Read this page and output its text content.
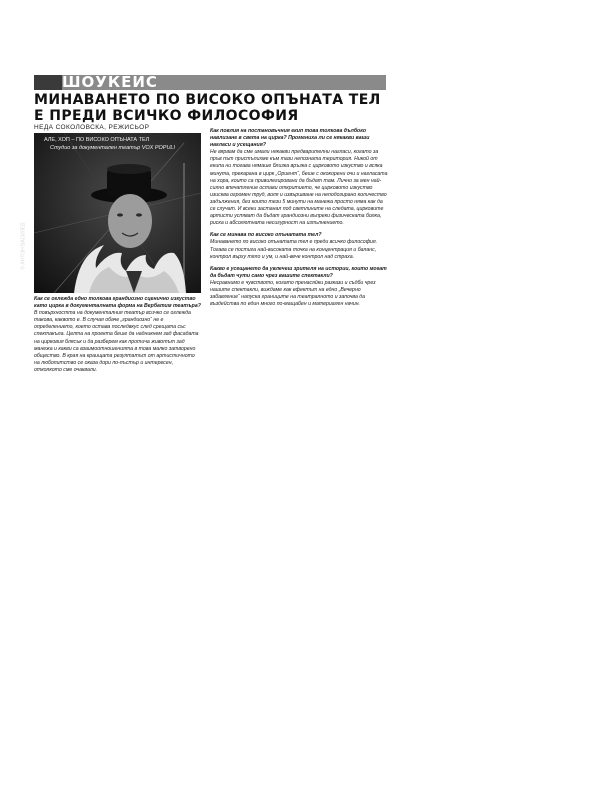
ШОУКЕЙС
МИНАВАНЕТО ПО ВИСОКО ОПЪНАТА ТЕЛ
Е ПРЕДИ ВСИЧКО ФИЛОСОФИЯ
НЕДА СОКОЛОВСКА, РЕЖИСЬОР
АЛЕ, ХОП – ПО ВИСОКО ОПЪНАТА ТЕЛ
Студио за документален театър VOX POPULI
© АНТОН ВАСИЛЕВ

Как се оглежда едно толкова грандиозно сценично изкуство като цирка в документалната форма на Вербатим театъра?
В повърхността на документалния театър всичко се оглежда такова, каквото е. В случая обаче „грандиозно“ не е определението, което остава последвкус след срещата със спектакъла. Целта на проекта беше да надникнем зад фасадата на цирковия блясък и да разберем как протича животът зад манежа и какви са взаимоотношенията в това малко затворено общество. В края на краищата резултатът от артистичното на любопитство се оказа дори по-пъстър и интересен, отколкото сме очаквали.

Как повлия на постановъчния екип това толкова дълбоко навлизане в света на цирка? Променихa ли се някакви ваши нагласи и усещания?
Не вярвам да сме имали някакви предварителни нагласи, когато за пръв път пристъпихме към тази непозната територия. Никой от екипа ни тогава нямаше близка връзка с цирковото изкуство и всяка минута, прекарана в цирк „Ориент“, беше с ококорени очи и нагласата на хора, които са привилегировани да бъдат там. Лично за мен най-силно впечатление остави откритието, че цирковото изкуство изисква огромен труд, воля и извършване на неподозирано количество задължения, без които тези 5 минути на манежа просто няма как да се случат. И всеки застанал под светлините на следата, цирковите артисти успяват да бъдат грандиозни въпреки физическата болка, риска и абсолютната несигурност на изпълнението.

Как се минава по високо опънатата тел?
Минаването по високо опънатата тел е преди всичко философия. Тогава се постига най-високата точка на концентрация и баланс, контрол върху тяло и ум, и най-вече контрол над страха.

Какво е усещането да увлечеш зрителя на истории, които могат да бъдат чути само чрез вашите спектакли?
Несравнимо е чувството, когато пренасяйки разкази и съдби чрез нашите спектакли, виждаме как ефектът на едно „Вечерно забавление“ напуска границите на театралното и започва да въздейства по един много по-мащабен и материален начин.
